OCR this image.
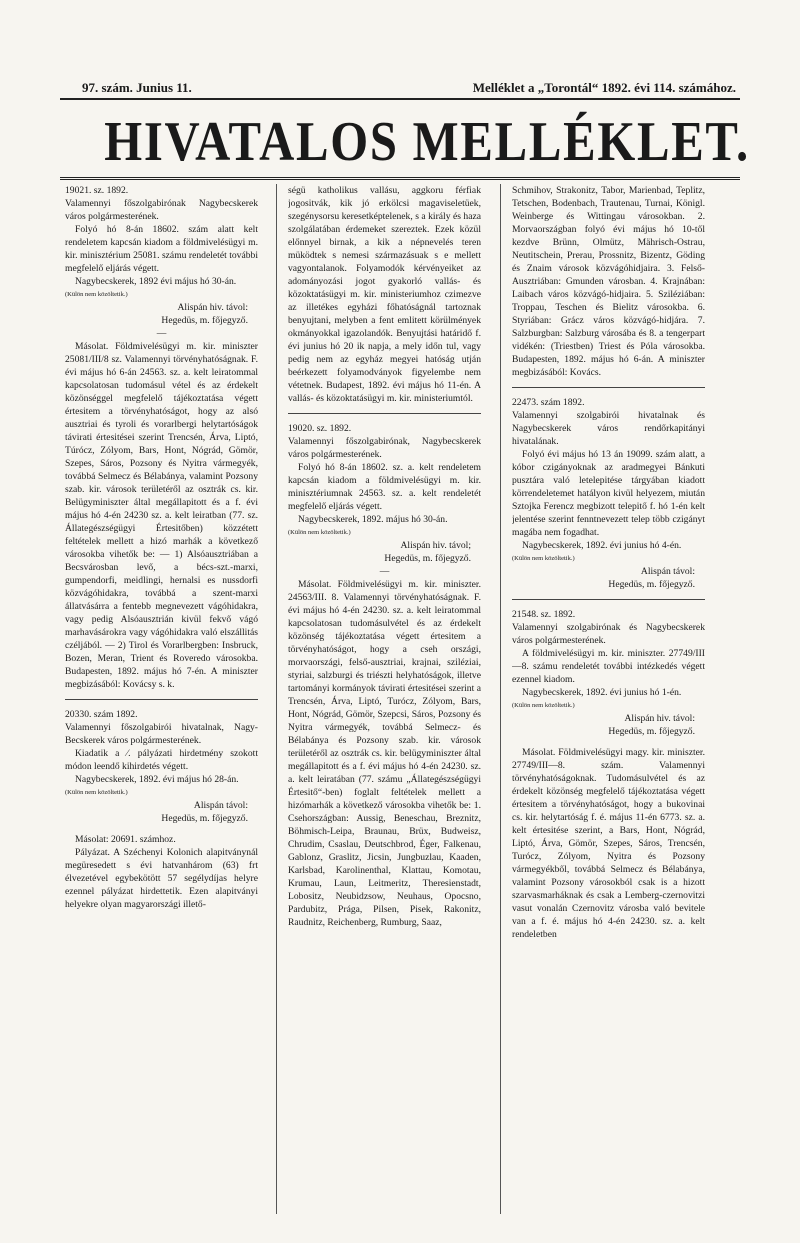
97. szám. Junius 11.	Melléklet a „Torontál“ 1892. évi 114. számához.
HIVATALOS MELLÉKLET.

19021. sz. 1892.

Valamennyi főszolgabirónak Nagybecskerek város polgármesterének.

Folyó hó 8-án 18602. szám alatt kelt rendeletem kapcsán kiadom a földmivelésügyi m. kir. minisztérium 25081. számu rendeletét további megfelelő eljárás végett.

Nagybecskerek, 1892 évi május hó 30-án.

(Külön nem közöltetik.)

Alispán hiv. távol:

Hegedüs, m. főjegyző.

—

Másolat. Földmivelésügyi m. kir. miniszter 25081/III/8 sz. Valamennyi törvényhatóságnak. F. évi május hó 6-án 24563. sz. a. kelt leiratommal kapcsolatosan tudomásul vétel és az érdekelt közönséggel megfelelő tájékoztatása végett értesitem a törvényhatóságot, hogy az alsó ausztriai és tyroli és vorarlbergi helytartóságok távirati értesitései szerint Trencsén, Árva, Liptó, Túrócz, Zólyom, Bars, Hont, Nógrád, Gömör, Szepes, Sáros, Pozsony és Nyitra vármegyék, továbbá Selmecz és Bélabánya, valamint Pozsony szab. kir. városok területéről az osztrák cs. kir. Belügyminiszter által megállapitott és a f. évi május hó 4-én 24230 sz. a. kelt leiratban (77. sz. Állategészségügyi Értesitőben) közzétett feltételek mellett a hizó marhák a következő városokba vihetők be: — 1) Alsóausztriában a Becsvárosban levő, a bécs-szt.-marxi, gumpendorfi, meidlingi, hernalsi es nussdorfi közvágóhidakra, továbbá a szent-marxi állatvásárra a fentebb megnevezett vágóhidakra, vagy pedig Alsóausztrián kivül fekvő vágó marhavásárokra vagy vágóhidakra való elszállitás czéljából. — 2) Tirol és Vorarlbergben: Insbruck, Bozen, Meran, Trient és Roveredo városokba. Budapesten, 1892. május hó 7-én. A miniszter megbizásából: Kovácsy s. k.

20330. szám 1892.

Valamennyi főszolgabirói hivatalnak, Nagy-Becskerek város polgármesterének.

Kiadatik a ⁄. pályázati hirdetmény szokott módon leendő kihirdetés végett.

Nagybecskerek, 1892. évi május hó 28-án.

(Külön nem közöltetik.)

Alispán távol:

Hegedüs, m. főjegyző.

Másolat: 20691. számhoz.

Pályázat. A Széchenyi Kolonich alapitványnál megüresedett s évi hatvanhárom (63) frt élvezetével egybekötött 57 segélydíjas helyre ezennel pályázat hirdettetik. Ezen alapitványi helyekre olyan magyarországi illető-

ségü katholikus vallásu, aggkoru férfiak jogositvák, kik jó erkölcsi magaviseletüek, szegénysorsu keresetképtelenek, s a király és haza szolgálatában érdemeket szereztek. Ezek közül előnnyel birnak, a kik a népnevelés teren müködtek s nemesi származásuak s e mellett vagyontalanok. Folyamodók kérvényeiket az adományozási jogot gyakorló vallás- és közoktatásügyi m. kir. ministeriumhoz czimezve az illetékes egyházi főhatóságnál tartoznak benyujtani, melyben a fent emlitett körülmények okmányokkal igazolandók. Benyujtási határidő f. évi junius hó 20 ik napja, a mely időn tul, vagy pedig nem az egyház megyei hatóság utján beérkezett folyamodványok figyelembe nem vétetnek. Budapest, 1892. évi május hó 11-én. A vallás- és közoktatásügyi m. kir. ministeriumtól.

19020. sz. 1892.

Valamennyi főszolgabirónak, Nagybecskerek város polgármesterének.

Folyó hó 8-án 18602. sz. a. kelt rendeletem kapcsán kiadom a földmivelésügyi m. kir. minisztériumnak 24563. sz. a. kelt rendeletét megfelelő eljárás végett.

Nagybecskerek, 1892. május hó 30-án.

(Külön nem közöltetik.)

Alispán hiv. távol;

Hegedüs, m. főjegyző.

—

Másolat. Földmivelésügyi m. kir. miniszter. 24563/III. 8. Valamennyi törvényhatóságnak. F. évi május hó 4-én 24230. sz. a. kelt leiratommal kapcsolatosan tudomásulvétel és az érdekelt közönség tájékoztatása végett értesitem a törvényhatóságot, hogy a cseh országi, morvaországi, felső-ausztriai, krajnai, sziléziai, styriai, salzburgi és triészti helyhatóságok, illetve tartományi kormányok távirati értesitései szerint a Trencsén, Árva, Liptó, Turócz, Zólyom, Bars, Hont, Nógrád, Gömör, Szepcsi, Sáros, Pozsony és Nyitra vármegyék, továbbá Selmecz- és Bélabánya és Pozsony szab. kir. városok területéről az osztrák cs. kir. belügyminiszter által megállapitott és a f. évi május hó 4-én 24230. sz. a. kelt leiratában (77. számu „Állategészségügyi Értesitő“-ben) foglalt feltételek mellett a hizómarhák a következő városokba vihetők be: 1. Csehországban: Aussig, Beneschau, Breznitz, Böhmisch-Leipa, Braunau, Brüx, Budweisz, Chrudim, Csaslau, Deutschbrod, Éger, Falkenau, Gablonz, Graslitz, Jicsin, Jungbuzlau, Kaaden, Karlsbad, Karolinenthal, Klattau, Komotau, Krumau, Laun, Leitmeritz, Theresienstadt, Lobositz, Neubidzsow, Neuhaus, Opocsno, Pardubitz, Prága, Pilsen, Pisek, Rakonitz, Raudnitz, Reichenberg, Rumburg, Saaz,

Schmihov, Strakonitz, Tabor, Marienbad, Teplitz, Tetschen, Bodenbach, Trautenau, Turnai, Königl. Weinberge és Wittingau városokban. 2. Morvaországban folyó évi május hó 10-től kezdve Brünn, Olmütz, Mährisch-Ostrau, Neutitschein, Prerau, Prossnitz, Bizentz, Göding és Znaim városok közvágóhidjaira. 3. Felső-Ausztriában: Gmunden városban. 4. Krajnában: Laibach város közvágó-hidjaira. 5. Sziléziában: Troppau, Teschen és Bielitz városokba. 6. Styriában: Grácz város közvágó-hidjára. 7. Salzburgban: Salzburg városába és 8. a tengerpart vidékén: (Triestben) Triest és Póla városokba. Budapesten, 1892. május hó 6-án. A miniszter megbizásából: Kovács.

22473. szám 1892.

Valamennyi szolgabirói hivatalnak és Nagybecskerek város rendőrkapitányi hivatalának.

Folyó évi május hó 13 án 19099. szám alatt, a kóbor czigányoknak az aradmegyei Bánkuti pusztára való letelepitése tárgyában kiadott körrendeletemet hatályon kivül helyezem, miután Sztojka Ferencz megbizott telepitő f. hó 1-én kelt jelentése szerint fenntnevezett telep több czigányt magába nem fogadhat.

Nagybecskerek, 1892. évi junius hó 4-én.

(Külön nem közöltetik.)

Alispán távol:

Hegedüs, m. főjegyző.

21548. sz. 1892.

Valamennyi szolgabirónak és Nagybecskerek város polgármesterének.

A földmivelésügyi m. kir. miniszter. 27749/III—8. számu rendeletét további intézkedés végett ezennel kiadom.

Nagybecskerek, 1892. évi junius hó 1-én.

(Külön nem közöltetik.)

Alispán hiv. távol:

Hegedüs, m. főjegyző.

Másolat. Földmivelésügyi magy. kir. miniszter. 27749/III—8. szám. Valamennyi törvényhatóságoknak. Tudomásulvétel és az érdekelt közönség megfelelő tájékoztatása végett értesitem a törvényhatóságot, hogy a bukovinai cs. kir. helytartóság f. é. május 11-én 6773. sz. a. kelt értesitése szerint, a Bars, Hont, Nógrád, Liptó, Árva, Gömör, Szepes, Sáros, Trencsén, Turócz, Zólyom, Nyitra és Pozsony vármegyékből, továbbá Selmecz és Bélabánya, valamint Pozsony városokból csak is a hizott szarvasmarháknak és csak a Lemberg-czernovitzi vasut vonalán Czernovitz városba való bevitele van a f. é. május hó 4-én 24230. sz. a. kelt rendeletben
